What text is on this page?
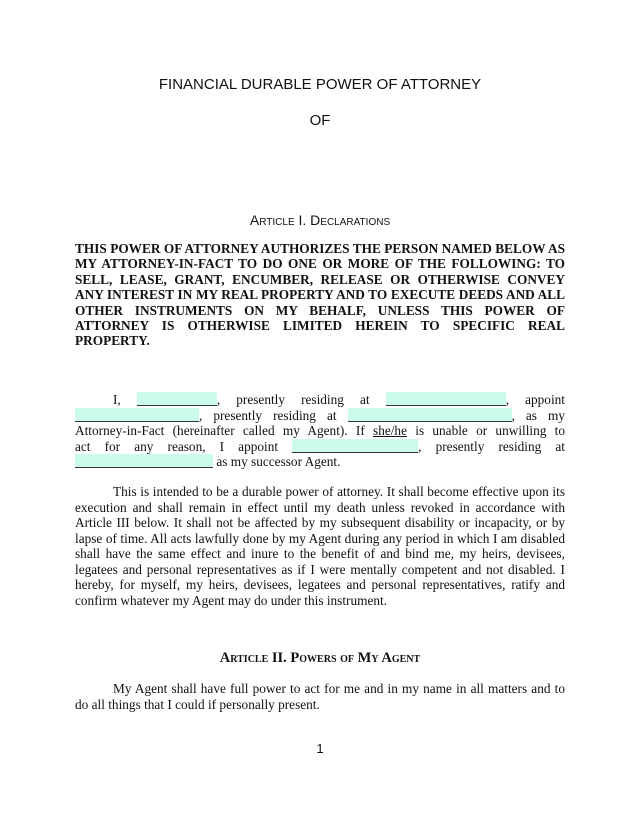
FINANCIAL DURABLE POWER OF ATTORNEY
OF
Article I. Declarations
THIS POWER OF ATTORNEY AUTHORIZES THE PERSON NAMED BELOW AS MY ATTORNEY-IN-FACT TO DO ONE OR MORE OF THE FOLLOWING: TO SELL, LEASE, GRANT, ENCUMBER, RELEASE OR OTHERWISE CONVEY ANY INTEREST IN MY REAL PROPERTY AND TO EXECUTE DEEDS AND ALL OTHER INSTRUMENTS ON MY BEHALF, UNLESS THIS POWER OF ATTORNEY IS OTHERWISE LIMITED HEREIN TO SPECIFIC REAL PROPERTY.
I,	, presently residing at	, appoint
, presently residing at	, as my
Attorney-in-Fact (hereinafter called my Agent). If she/he is unable or unwilling to
act for any reason, I appoint	, presently residing at
as my successor Agent.

This is intended to be a durable power of attorney. It shall become effective upon its execution and shall remain in effect until my death unless revoked in accordance with Article III below. It shall not be affected by my subsequent disability or incapacity, or by lapse of time. All acts lawfully done by my Agent during any period in which I am disabled shall have the same effect and inure to the benefit of and bind me, my heirs, devisees, legatees and personal representatives as if I were mentally competent and not disabled. I hereby, for myself, my heirs, devisees, legatees and personal representatives, ratify and confirm whatever my Agent may do under this instrument.

Article II. Powers of My Agent

My Agent shall have full power to act for me and in my name in all matters and to do all things that I could if personally present.

1
